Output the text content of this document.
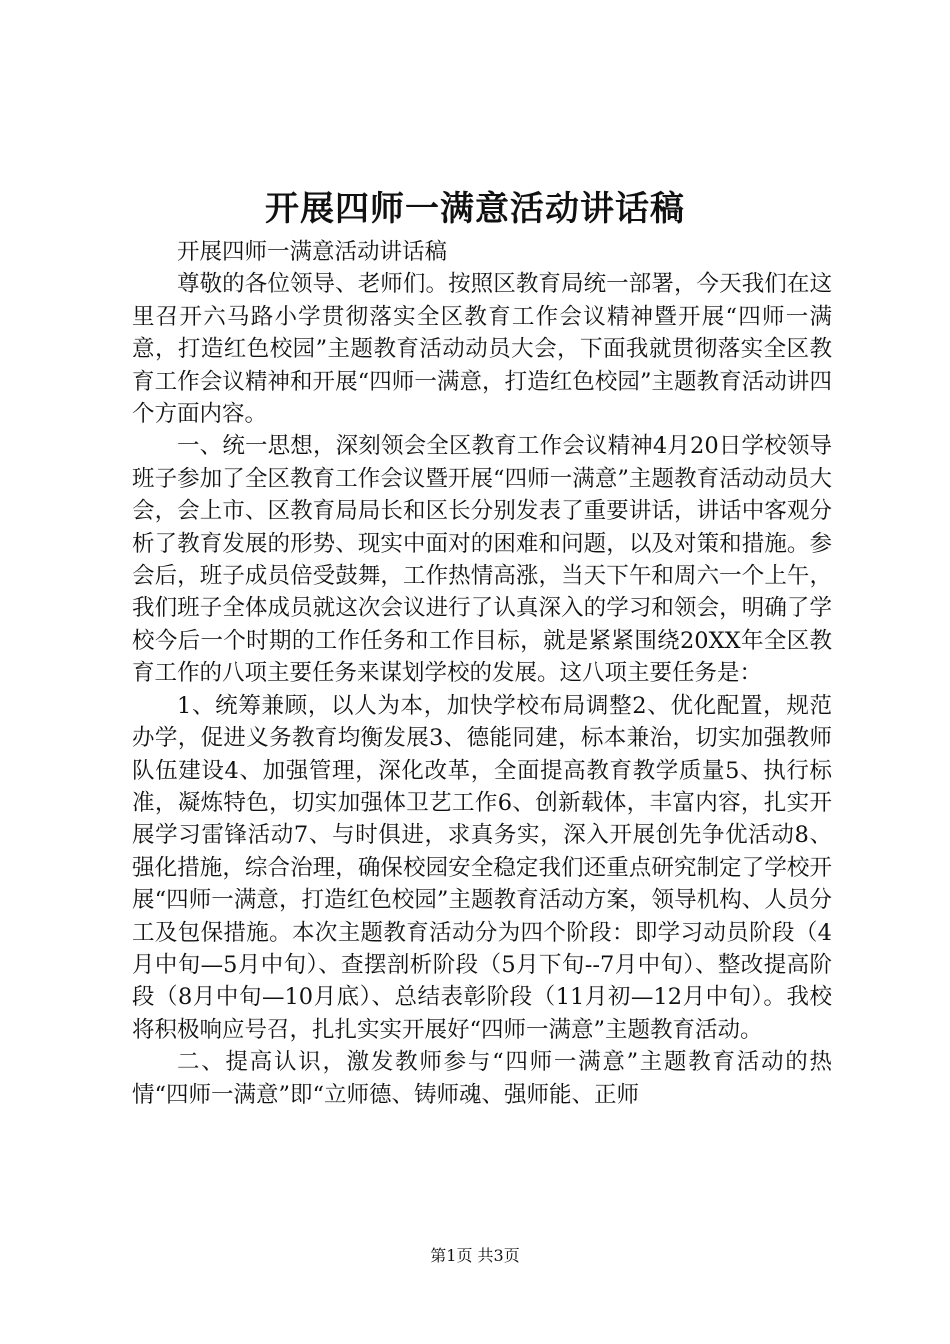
开展四师一满意活动讲话稿

开展四师一满意活动讲话稿

尊敬的各位领导、老师们。按照区教育局统一部署，今天我们在这里召开六马路小学贯彻落实全区教育工作会议精神暨开展“四师一满意，打造红色校园”主题教育活动动员大会，下面我就贯彻落实全区教育工作会议精神和开展“四师一满意，打造红色校园”主题教育活动讲四个方面内容。

一、统一思想，深刻领会全区教育工作会议精神4月20日学校领导班子参加了全区教育工作会议暨开展“四师一满意”主题教育活动动员大会，会上市、区教育局局长和区长分别发表了重要讲话，讲话中客观分析了教育发展的形势、现实中面对的困难和问题，以及对策和措施。参会后，班子成员倍受鼓舞，工作热情高涨，当天下午和周六一个上午，我们班子全体成员就这次会议进行了认真深入的学习和领会，明确了学校今后一个时期的工作任务和工作目标，就是紧紧围绕20XX年全区教育工作的八项主要任务来谋划学校的发展。这八项主要任务是：

1、统筹兼顾，以人为本，加快学校布局调整2、优化配置，规范办学，促进义务教育均衡发展3、德能同建，标本兼治，切实加强教师队伍建设4、加强管理，深化改革，全面提高教育教学质量5、执行标准，凝炼特色，切实加强体卫艺工作6、创新载体，丰富内容，扎实开展学习雷锋活动7、与时俱进，求真务实，深入开展创先争优活动8、强化措施，综合治理，确保校园安全稳定我们还重点研究制定了学校开展“四师一满意，打造红色校园”主题教育活动方案，领导机构、人员分工及包保措施。本次主题教育活动分为四个阶段：即学习动员阶段（4月中旬—5月中旬）、查摆剖析阶段（5月下旬--7月中旬）、整改提高阶段（8月中旬—10月底）、总结表彰阶段（11月初—12月中旬）。我校将积极响应号召，扎扎实实开展好“四师一满意”主题教育活动。

二、提高认识，激发教师参与“四师一满意”主题教育活动的热情“四师一满意”即“立师德、铸师魂、强师能、正师

第1页 共3页
